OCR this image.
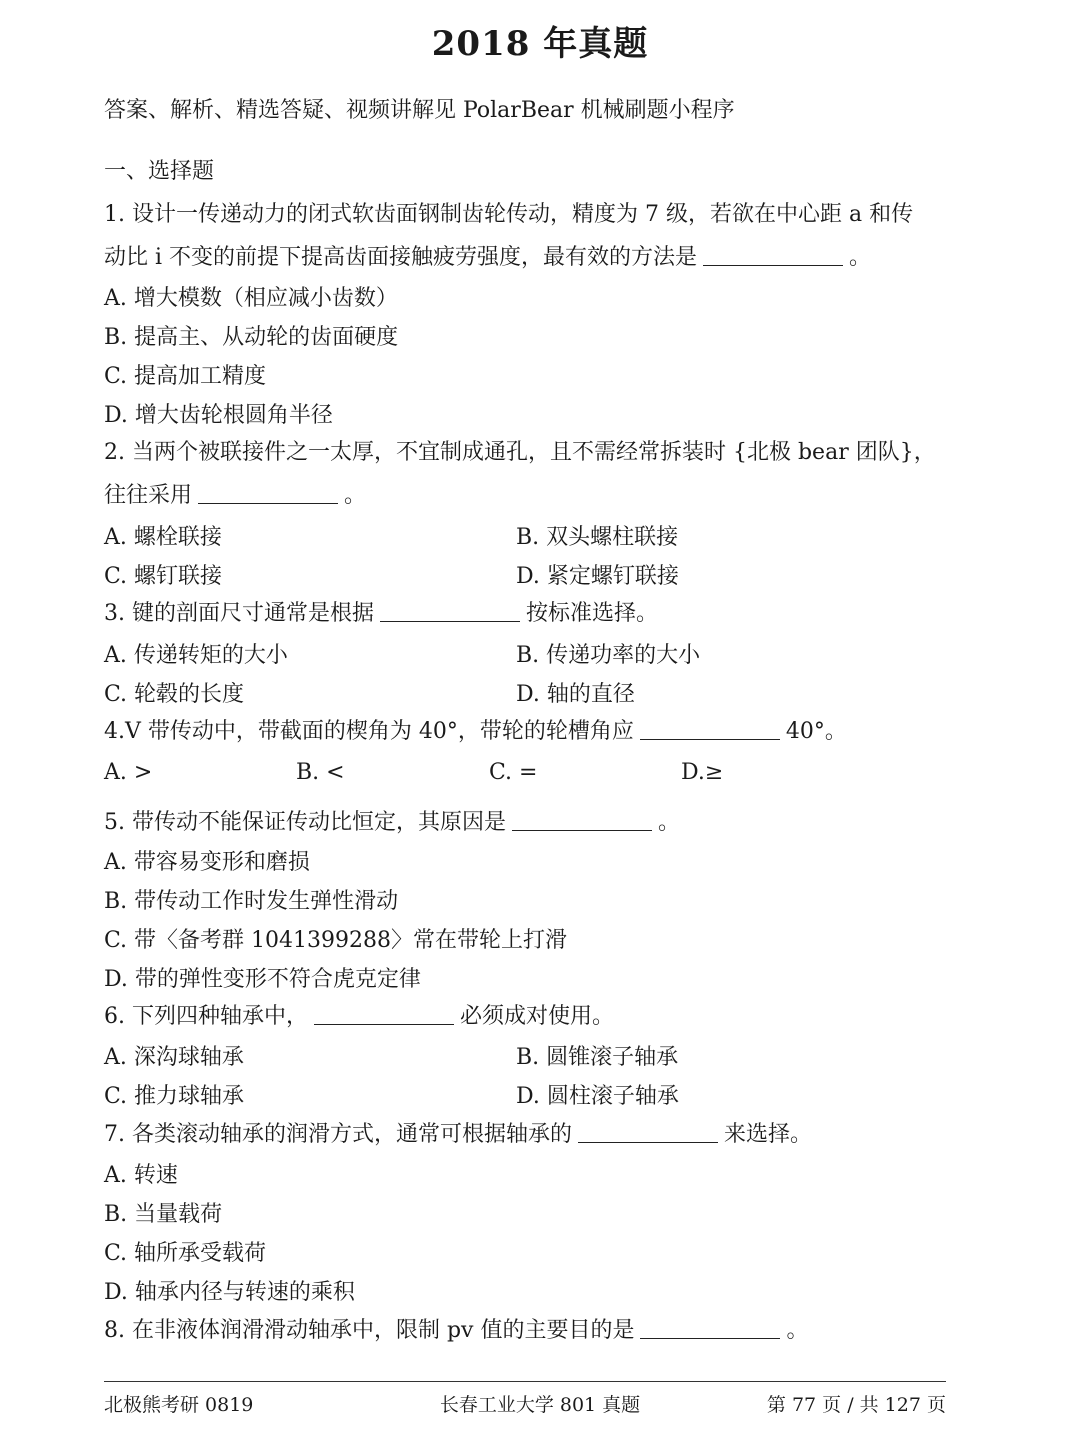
2018 年真题
答案、解析、精选答疑、视频讲解见 PolarBear 机械刷题小程序
一、选择题
1. 设计一传递动力的闭式软齿面钢制齿轮传动，精度为 7 级，若欲在中心距 a 和传
动比 i 不变的前提下提高齿面接触疲劳强度，最有效的方法是	。
A. 增大模数（相应减小齿数）
B. 提高主、从动轮的齿面硬度
C. 提高加工精度
D. 增大齿轮根圆角半径
2. 当两个被联接件之一太厚，不宜制成通孔，且不需经常拆装时 {北极 bear 团队}，
往往采用	。
A. 螺栓联接	B. 双头螺柱联接
C. 螺钉联接	D. 紧定螺钉联接
3. 键的剖面尺寸通常是根据	按标准选择。
A. 传递转矩的大小	B. 传递功率的大小
C. 轮毂的长度	D. 轴的直径
4.V 带传动中，带截面的楔角为 40°，带轮的轮槽角应	40°。
A. >	B. <	C. =	D.≥
5. 带传动不能保证传动比恒定，其原因是	。
A. 带容易变形和磨损
B. 带传动工作时发生弹性滑动
C. 带〈备考群 1041399288〉常在带轮上打滑
D. 带的弹性变形不符合虎克定律
6. 下列四种轴承中，	必须成对使用。
A. 深沟球轴承	B. 圆锥滚子轴承
C. 推力球轴承	D. 圆柱滚子轴承
7. 各类滚动轴承的润滑方式，通常可根据轴承的	来选择。
A. 转速
B. 当量载荷
C. 轴所承受载荷
D. 轴承内径与转速的乘积
8. 在非液体润滑滑动轴承中，限制 pv 值的主要目的是	。
北极熊考研 0819	长春工业大学 801 真题	第 77 页 / 共 127 页
